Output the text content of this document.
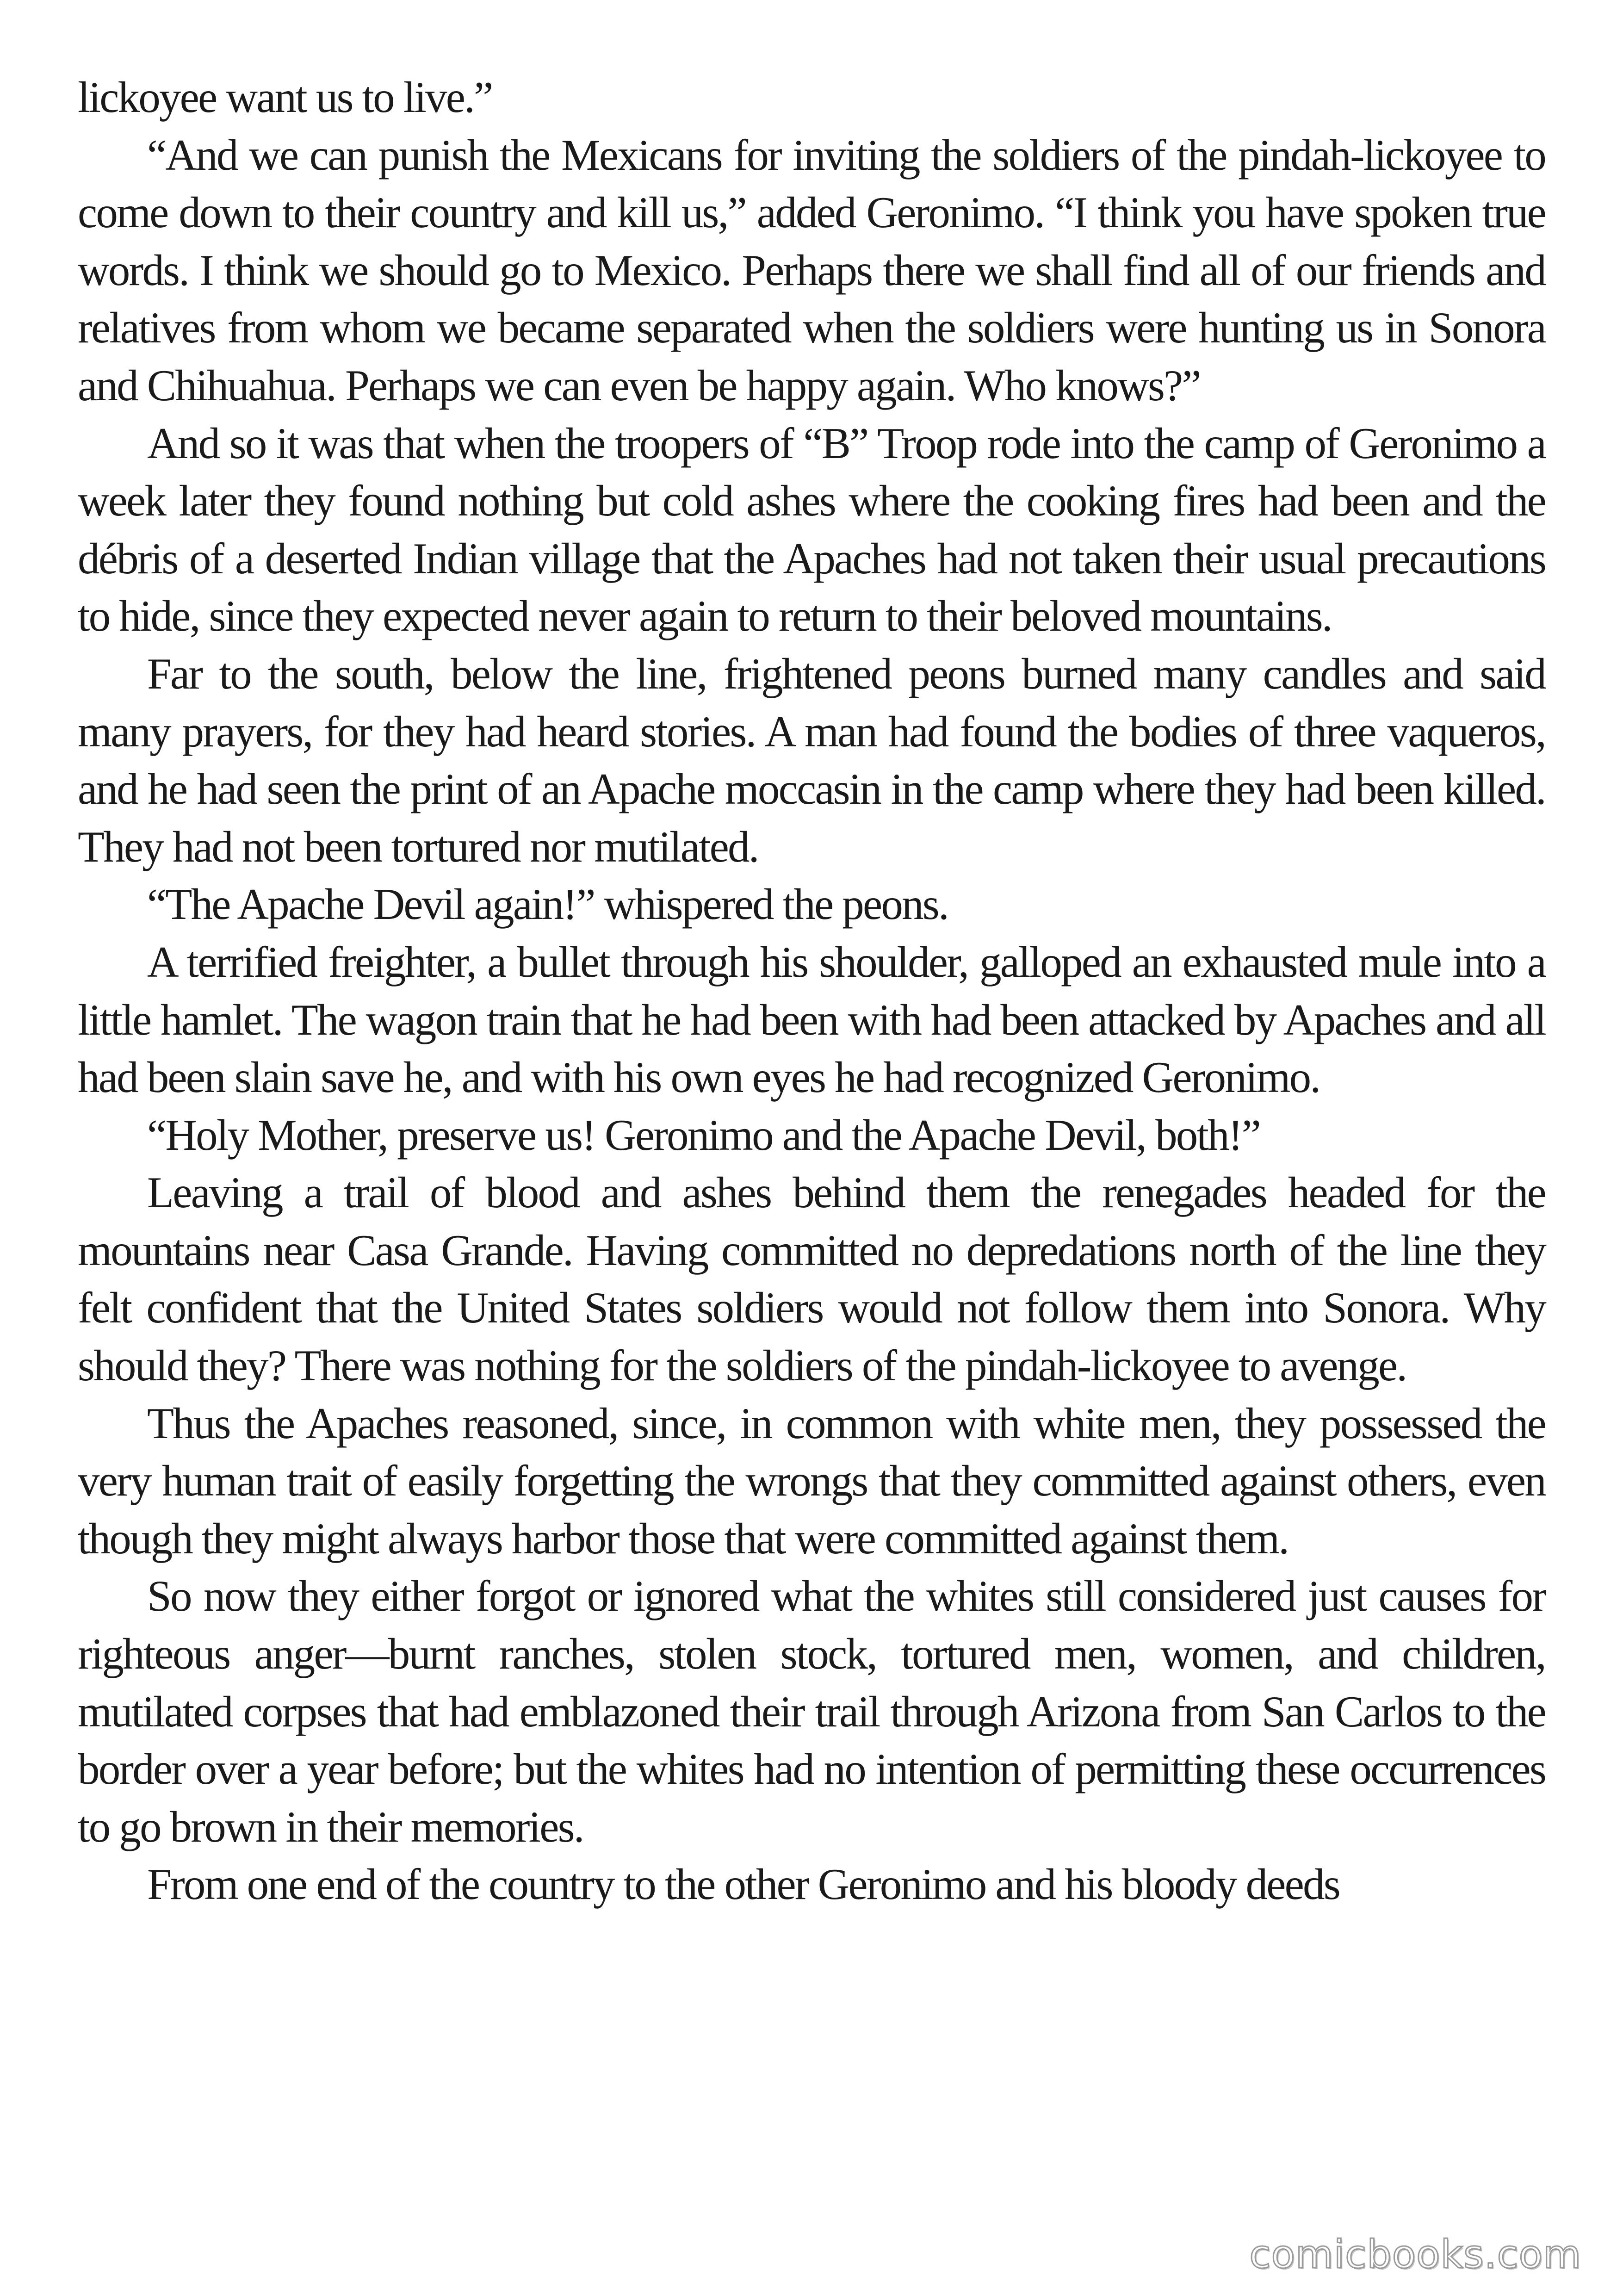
lickoyee want us to live.”

“And we can punish the Mexicans for inviting the soldiers of the pindah-lickoyee to come down to their country and kill us,” added Geronimo. “I think you have spoken true words. I think we should go to Mexico. Perhaps there we shall find all of our friends and relatives from whom we became separated when the soldiers were hunting us in Sonora and Chihuahua. Perhaps we can even be happy again. Who knows?”

And so it was that when the troopers of “B” Troop rode into the camp of Geronimo a week later they found nothing but cold ashes where the cooking fires had been and the débris of a deserted Indian village that the Apaches had not taken their usual precautions to hide, since they expected never again to return to their beloved mountains.

Far to the south, below the line, frightened peons burned many candles and said many prayers, for they had heard stories. A man had found the bodies of three vaqueros, and he had seen the print of an Apache moccasin in the camp where they had been killed. They had not been tortured nor mutilated.

“The Apache Devil again!” whispered the peons.

A terrified freighter, a bullet through his shoulder, galloped an exhausted mule into a little hamlet. The wagon train that he had been with had been attacked by Apaches and all had been slain save he, and with his own eyes he had recognized Geronimo.

“Holy Mother, preserve us! Geronimo and the Apache Devil, both!”

Leaving a trail of blood and ashes behind them the renegades headed for the mountains near Casa Grande. Having committed no depredations north of the line they felt confident that the United States soldiers would not follow them into Sonora. Why should they? There was nothing for the soldiers of the pindah-lickoyee to avenge.

Thus the Apaches reasoned, since, in common with white men, they possessed the very human trait of easily forgetting the wrongs that they committed against others, even though they might always harbor those that were committed against them.

So now they either forgot or ignored what the whites still considered just causes for righteous anger—burnt ranches, stolen stock, tortured men, women, and children, mutilated corpses that had emblazoned their trail through Arizona from San Carlos to the border over a year before; but the whites had no intention of permitting these occurrences to go brown in their memories.

From one end of the country to the other Geronimo and his bloody deeds

comicbooks.com
